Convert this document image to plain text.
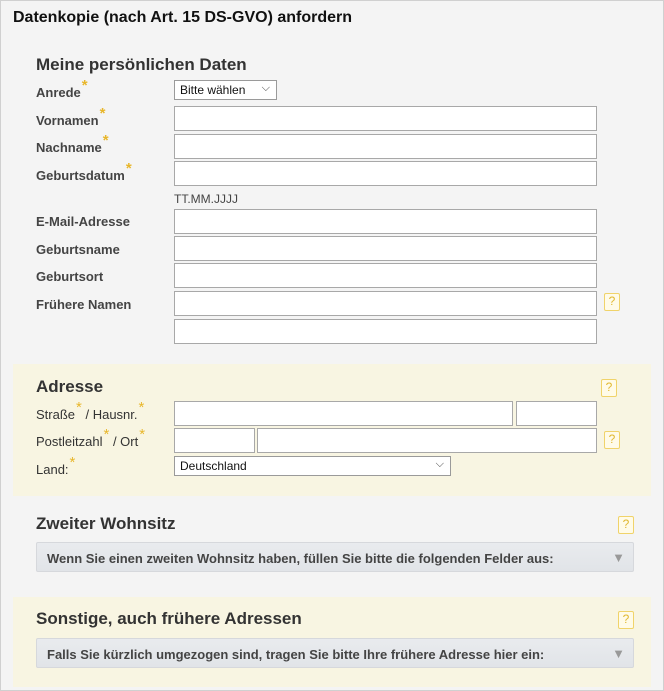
Datenkopie (nach Art. 15 DS-GVO) anfordern
Meine persönlichen Daten
Anrede*	Bitte wählen ⌵
Vornamen*
Nachname*
Geburtsdatum*
TT.MM.JJJJ
E-Mail-Adresse
Geburtsname
Geburtsort
Frühere Namen	?
Adresse	?
Straße* / Hausnr.*
Postleitzahl* / Ort*	?
Land:*	Deutschland	⌵
Zweiter Wohnsitz	?
Wenn Sie einen zweiten Wohnsitz haben, füllen Sie bitte die folgenden Felder aus:	▼
Sonstige, auch frühere Adressen	?
Falls Sie kürzlich umgezogen sind, tragen Sie bitte Ihre frühere Adresse hier ein:	▼
